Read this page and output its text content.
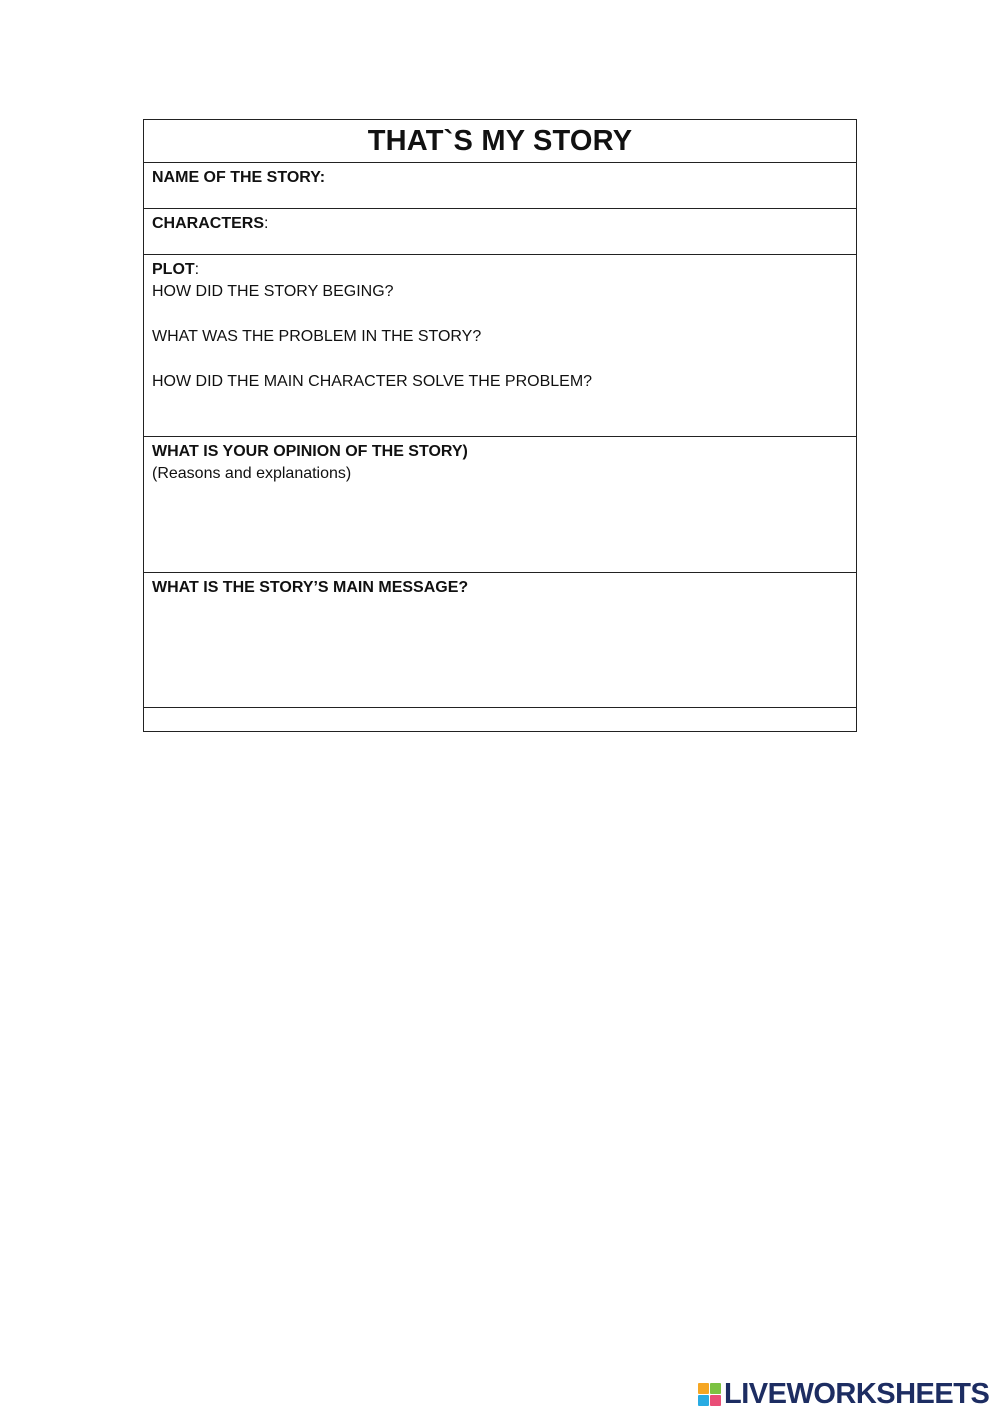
THAT`S MY STORY
NAME OF THE STORY:
CHARACTERS:
PLOT:
HOW DID THE STORY BEGING?
WHAT WAS THE PROBLEM IN THE STORY?
HOW DID THE MAIN CHARACTER SOLVE THE PROBLEM?
WHAT IS YOUR OPINION OF THE STORY)
(Reasons and explanations)
WHAT IS THE STORY’S MAIN MESSAGE?
LIVEWORKSHEETS
